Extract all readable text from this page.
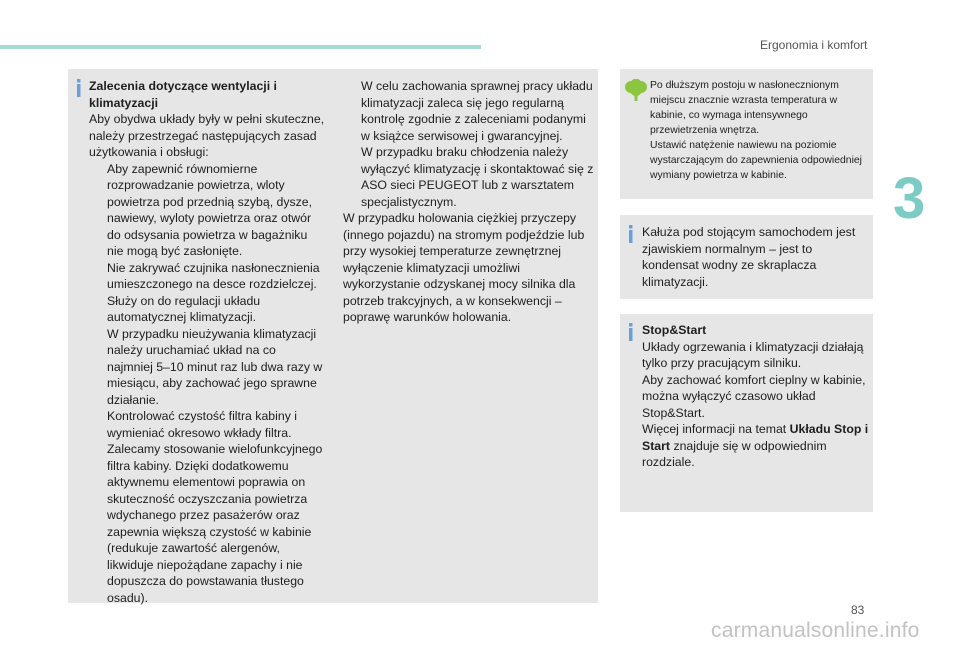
Ergonomia i komfort
3

Zalecenia dotyczące wentylacji i klimatyzacji

Aby obydwa układy były w pełni skuteczne, należy przestrzegać następujących zasad użytkowania i obsługi:

Aby zapewnić równomierne rozprowadzanie powietrza, wloty powietrza pod przednią szybą, dysze, nawiewy, wyloty powietrza oraz otwór do odsysania powietrza w bagażniku nie mogą być zasłonięte.

Nie zakrywać czujnika nasłonecznienia umieszczonego na desce rozdzielczej. Służy on do regulacji układu automatycznej klimatyzacji.

W przypadku nieużywania klimatyzacji należy uruchamiać układ na co najmniej 5–10 minut raz lub dwa razy w miesiącu, aby zachować jego sprawne działanie.

Kontrolować czystość filtra kabiny i wymieniać okresowo wkłady filtra. Zalecamy stosowanie wielofunkcyjnego filtra kabiny. Dzięki dodatkowemu aktywnemu elementowi poprawia on skuteczność oczyszczania powietrza wdychanego przez pasażerów oraz zapewnia większą czystość w kabinie (redukuje zawartość alergenów, likwiduje niepożądane zapachy i nie dopuszcza do powstawania tłustego osadu).

W celu zachowania sprawnej pracy układu klimatyzacji zaleca się jego regularną kontrolę zgodnie z zaleceniami podanymi w książce serwisowej i gwarancyjnej.

W przypadku braku chłodzenia należy wyłączyć klimatyzację i skontaktować się z ASO sieci PEUGEOT lub z warsztatem specjalistycznym.

W przypadku holowania ciężkiej przyczepy (innego pojazdu) na stromym podjeździe lub przy wysokiej temperaturze zewnętrznej wyłączenie klimatyzacji umożliwi wykorzystanie odzyskanej mocy silnika dla potrzeb trakcyjnych, a w konsekwencji – poprawę warunków holowania.

Po dłuższym postoju w nasłonecznionym miejscu znacznie wzrasta temperatura w kabinie, co wymaga intensywnego przewietrzenia wnętrza.

Ustawić natężenie nawiewu na poziomie wystarczającym do zapewnienia odpowiedniej wymiany powietrza w kabinie.

Kałuża pod stojącym samochodem jest zjawiskiem normalnym – jest to kondensat wodny ze skraplacza klimatyzacji.

Stop&Start

Układy ogrzewania i klimatyzacji działają tylko przy pracującym silniku.

Aby zachować komfort cieplny w kabinie, można wyłączyć czasowo układ Stop&Start.

Więcej informacji na temat Układu Stop i Start znajduje się w odpowiednim rozdziale.

83
carmanualsonline.info
